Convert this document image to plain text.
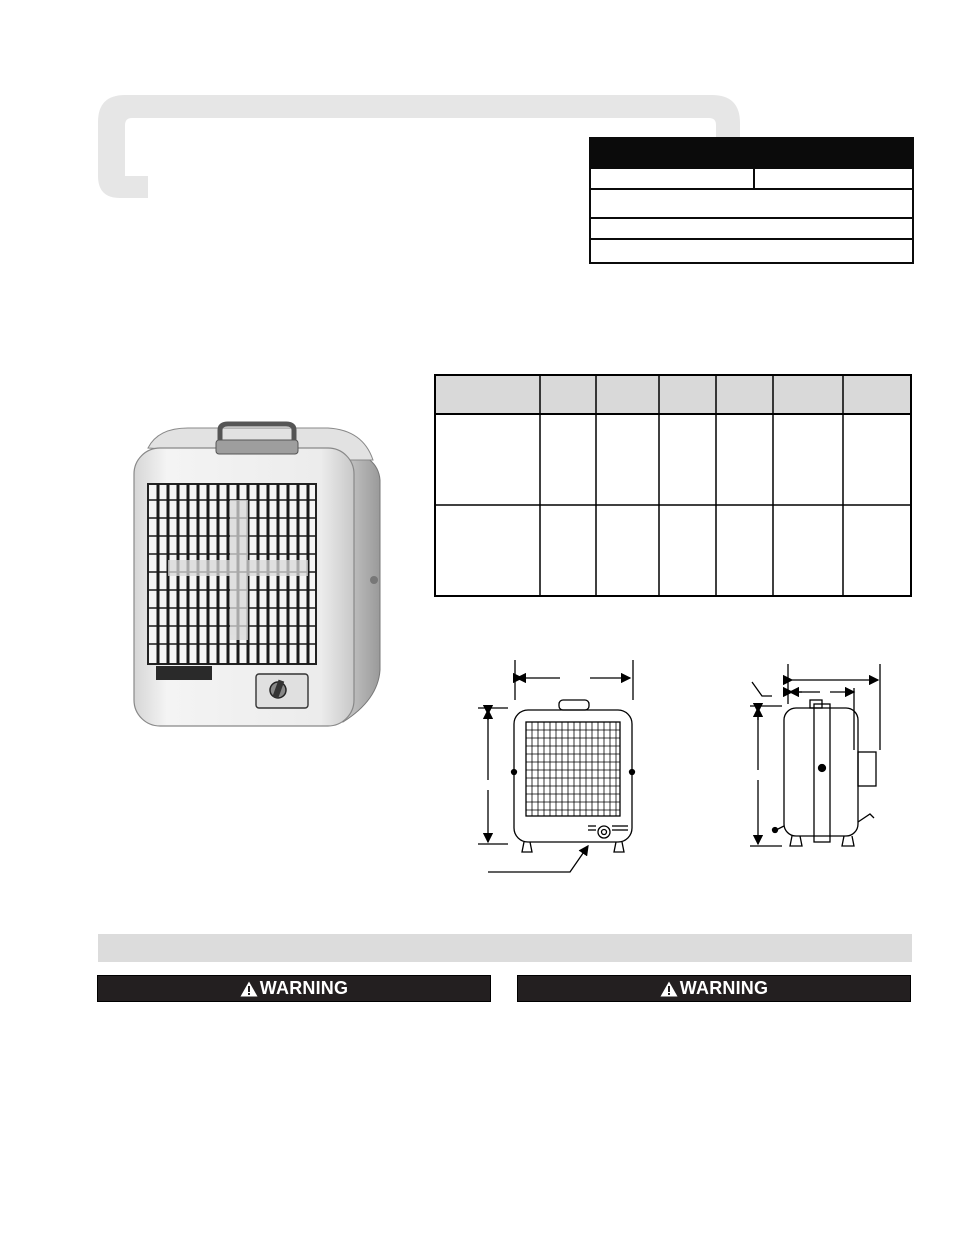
WARNING	WARNING
